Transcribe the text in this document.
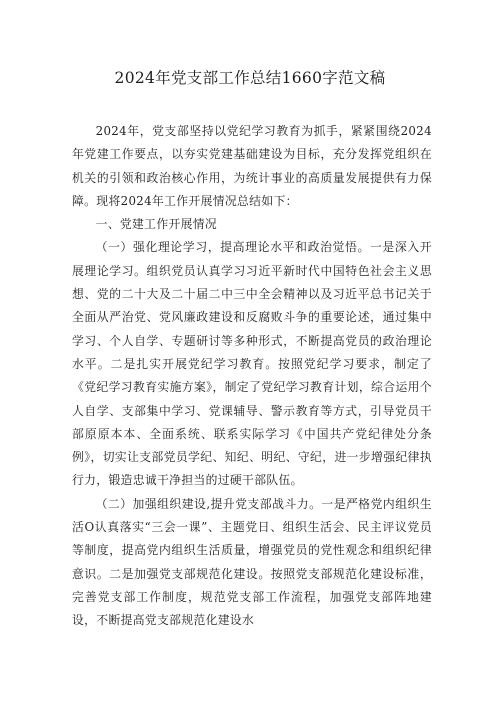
2024年党支部工作总结1660字范文稿

2024年，党支部坚持以党纪学习教育为抓手，紧紧围绕2024年党建工作要点，以夯实党建基础建设为目标，充分发挥党组织在机关的引领和政治核心作用，为统计事业的高质量发展提供有力保障。现将2024年工作开展情况总结如下：

一、党建工作开展情况

（一）强化理论学习，提高理论水平和政治觉悟。一是深入开展理论学习。组织党员认真学习习近平新时代中国特色社会主义思想、党的二十大及二十届二中三中全会精神以及习近平总书记关于全面从严治党、党风廉政建设和反腐败斗争的重要论述，通过集中学习、个人自学、专题研讨等多种形式，不断提高党员的政治理论水平。二是扎实开展党纪学习教育。按照党纪学习要求，制定了《党纪学习教育实施方案》，制定了党纪学习教育计划，综合运用个人自学、支部集中学习、党课辅导、警示教育等方式，引导党员干部原原本本、全面系统、联系实际学习《中国共产党纪律处分条例》，切实让支部党员学纪、知纪、明纪、守纪，进一步增强纪律执行力，锻造忠诚干净担当的过硬干部队伍。

（二）加强组织建设,提升党支部战斗力。一是严格党内组织生活O认真落实“三会一课”、主题党日、组织生活会、民主评议党员等制度，提高党内组织生活质量，增强党员的党性观念和组织纪律意识。二是加强党支部规范化建设。按照党支部规范化建设标准，完善党支部工作制度，规范党支部工作流程，加强党支部阵地建设，不断提高党支部规范化建设水
